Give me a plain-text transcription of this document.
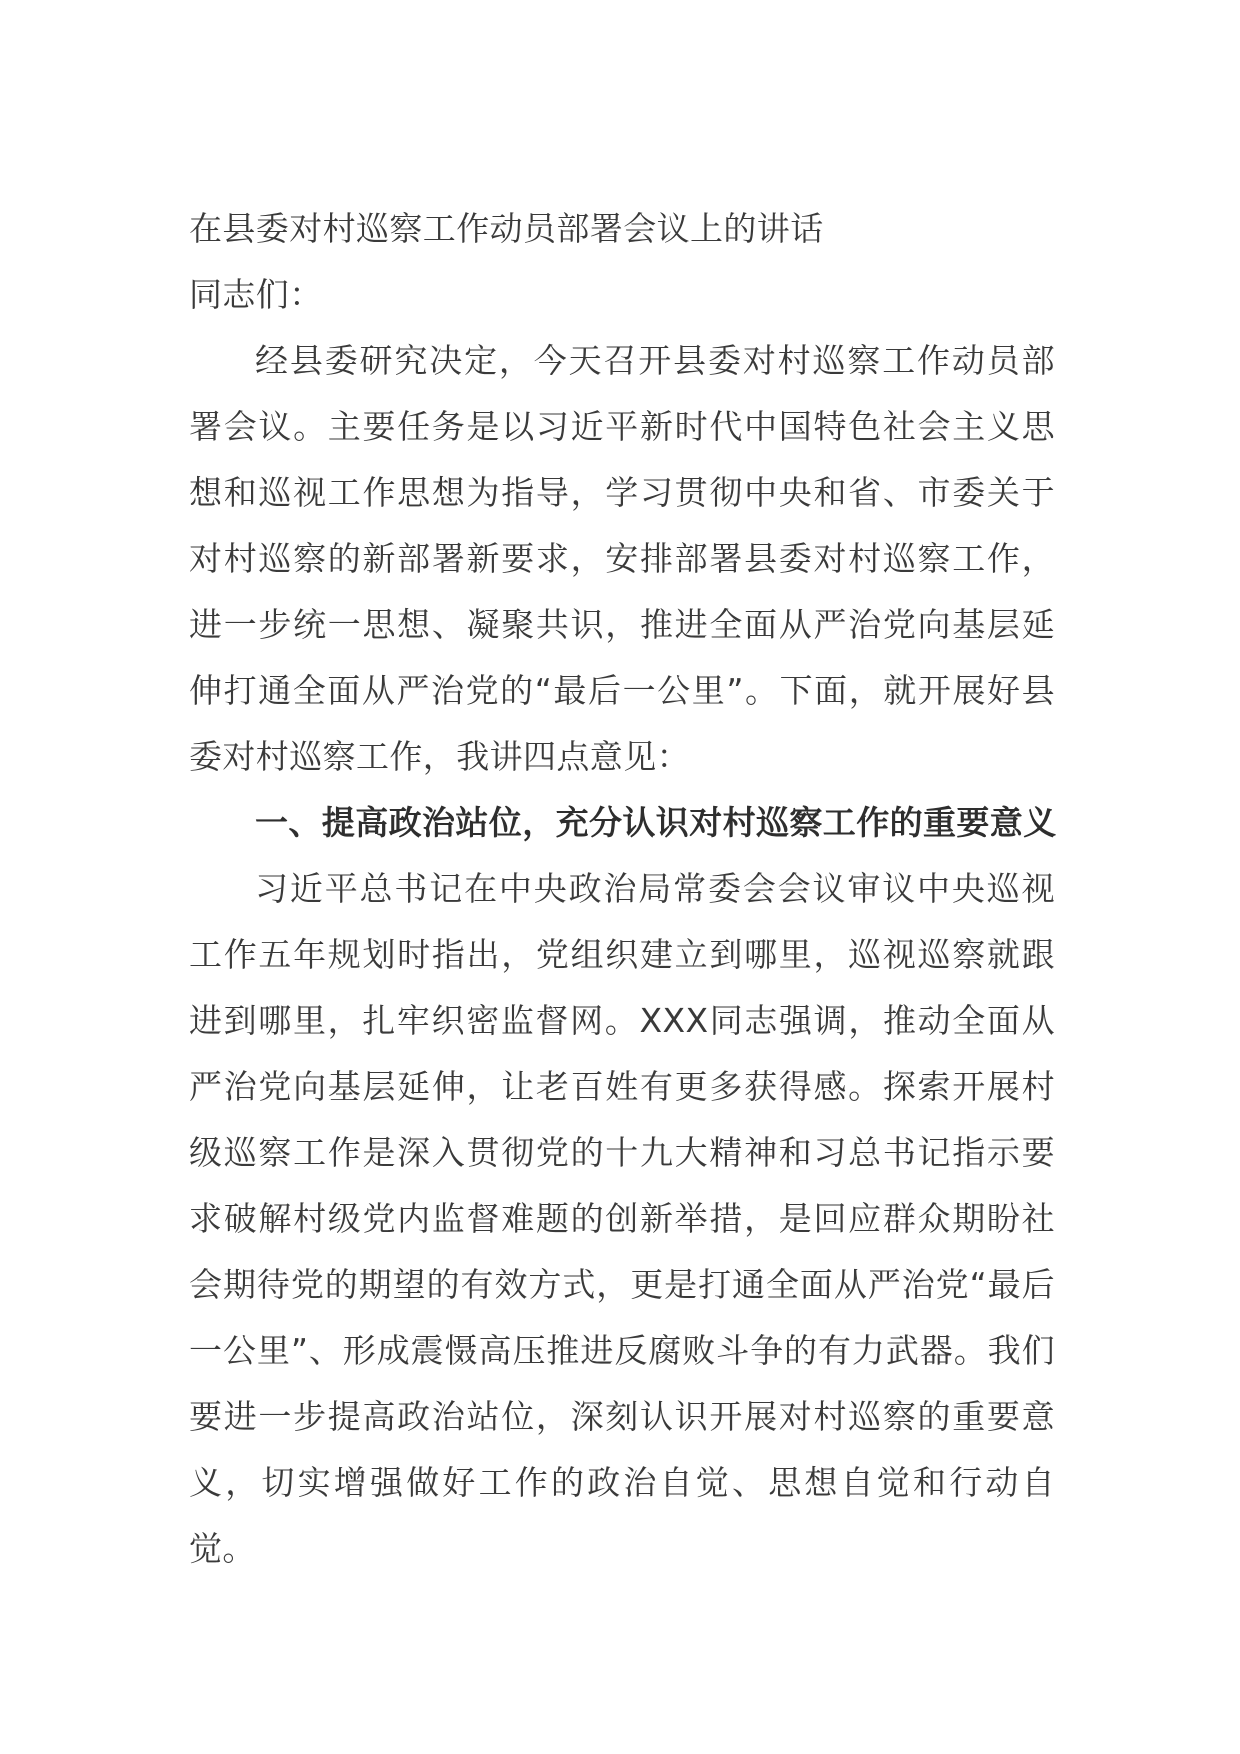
在县委对村巡察工作动员部署会议上的讲话

同志们：

经县委研究决定，今天召开县委对村巡察工作动员部署会议。主要任务是以习近平新时代中国特色社会主义思想和巡视工作思想为指导，学习贯彻中央和省、市委关于对村巡察的新部署新要求，安排部署县委对村巡察工作，进一步统一思想、凝聚共识，推进全面从严治党向基层延伸打通全面从严治党的“最后一公里”。下面，就开展好县委对村巡察工作，我讲四点意见：

一、提高政治站位，充分认识对村巡察工作的重要意义

习近平总书记在中央政治局常委会会议审议中央巡视工作五年规划时指出，党组织建立到哪里，巡视巡察就跟进到哪里，扎牢织密监督网。XXX同志强调，推动全面从严治党向基层延伸，让老百姓有更多获得感。探索开展村级巡察工作是深入贯彻党的十九大精神和习总书记指示要求破解村级党内监督难题的创新举措，是回应群众期盼社会期待党的期望的有效方式，更是打通全面从严治党“最后一公里”、形成震慑高压推进反腐败斗争的有力武器。我们要进一步提高政治站位，深刻认识开展对村巡察的重要意义，切实增强做好工作的政治自觉、思想自觉和行动自觉。
